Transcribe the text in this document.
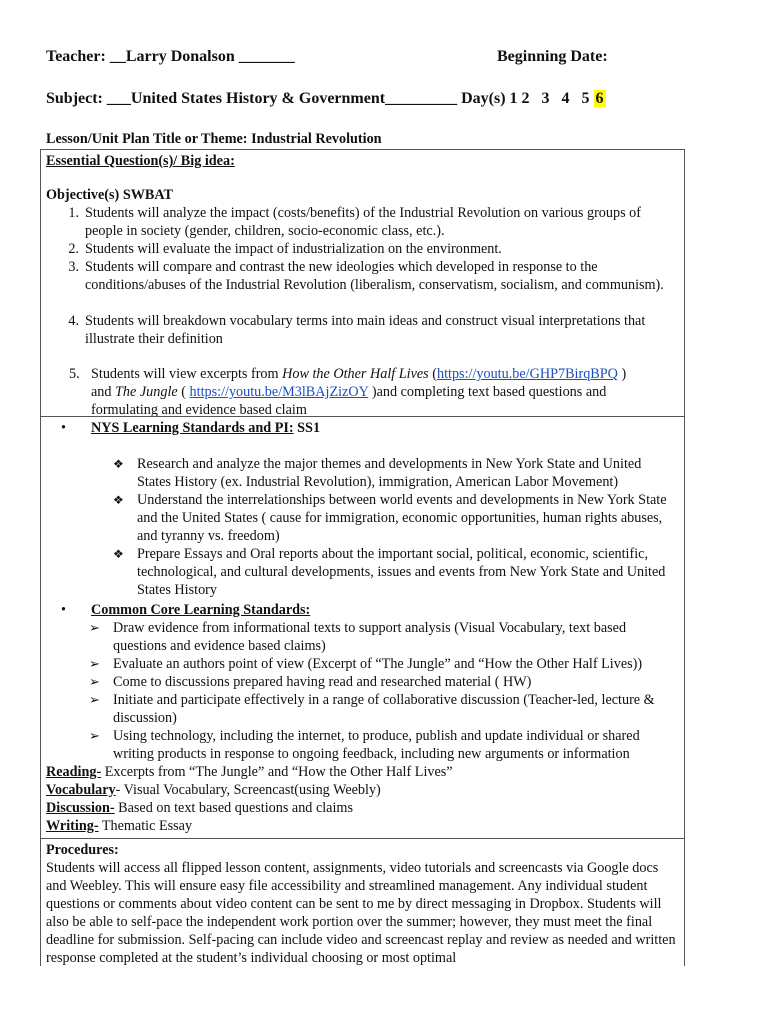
Teacher: __Larry Donalson _______	Beginning Date:
Subject: ___United States History & Government_________ Day(s) 1 2   3   4   5 6
Lesson/Unit Plan Title or Theme: Industrial Revolution
Essential Question(s)/ Big idea:
Objective(s) SWBAT
1. Students will analyze the impact (costs/benefits) of the Industrial Revolution on various groups of people in society (gender, children, socio-economic class, etc.).
2. Students will evaluate the impact of industrialization on the environment.
3. Students will compare and contrast the new ideologies which developed in response to the conditions/abuses of the Industrial Revolution (liberalism, conservatism, socialism, and communism).
4. Students will breakdown vocabulary terms into main ideas and construct visual interpretations that illustrate their definition
5. Students will view excerpts from How the Other Half Lives (https://youtu.be/GHP7BirqBPQ )
and The Jungle ( https://youtu.be/M3lBAjZizOY )and completing text based questions and
formulating and evidence based claim
• NYS Learning Standards and PI: SS1
❖ Research and analyze the major themes and developments in New York State and United States History (ex. Industrial Revolution), immigration, American Labor Movement)
❖ Understand the interrelationships between world events and developments in New York State and the United States ( cause for immigration, economic opportunities, human rights abuses, and tyranny vs. freedom)
❖ Prepare Essays and Oral reports about the important social, political, economic, scientific, technological, and cultural developments, issues and events from New York State and United States History
• Common Core Learning Standards:
➢ Draw evidence from informational texts to support analysis (Visual Vocabulary, text based questions and evidence based claims)
➢ Evaluate an authors point of view (Excerpt of “The Jungle” and “How the Other Half Lives))
➢ Come to discussions prepared having read and researched material ( HW)
➢ Initiate and participate effectively in a range of collaborative discussion (Teacher-led, lecture & discussion)
➢ Using technology, including the internet, to produce, publish and update individual or shared writing products in response to ongoing feedback, including new arguments or information
Reading- Excerpts from “The Jungle” and “How the Other Half Lives”
Vocabulary- Visual Vocabulary, Screencast(using Weebly)
Discussion- Based on text based questions and claims
Writing- Thematic Essay
Procedures:
Students will access all flipped lesson content, assignments, video tutorials and screencasts via Google docs and Weebley. This will ensure easy file accessibility and streamlined management. Any individual student questions or comments about video content can be sent to me by direct messaging in Dropbox. Students will also be able to self-pace the independent work portion over the summer; however, they must meet the final deadline for submission. Self-pacing can include video and screencast replay and review as needed and written response completed at the student’s individual choosing or most optimal
